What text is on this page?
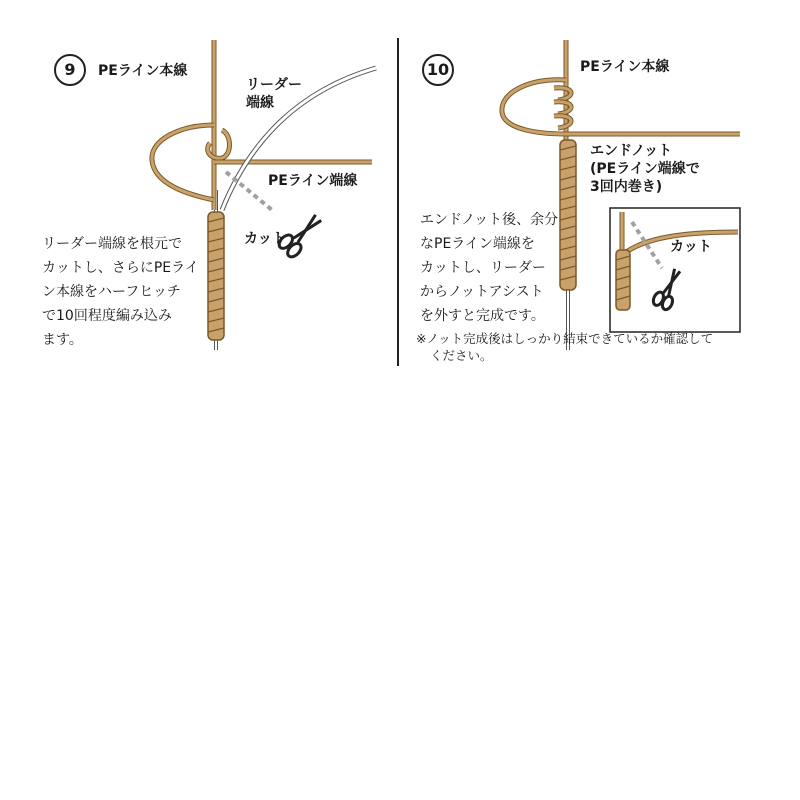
9	PEライン本線
リーダー
端線
PEライン端線
カット
リーダー端線を根元で
カットし、さらにPEライ
ン本線をハーフヒッチ
で10回程度編み込み
ます。
10	PEライン本線
エンドノット
(PEライン端線で
3回内巻き)
カット
エンドノット後、余分
なPEライン端線を
カットし、リーダー
からノットアシスト
を外すと完成です。
※ノット完成後はしっかり結束できているか確認して
ください。
